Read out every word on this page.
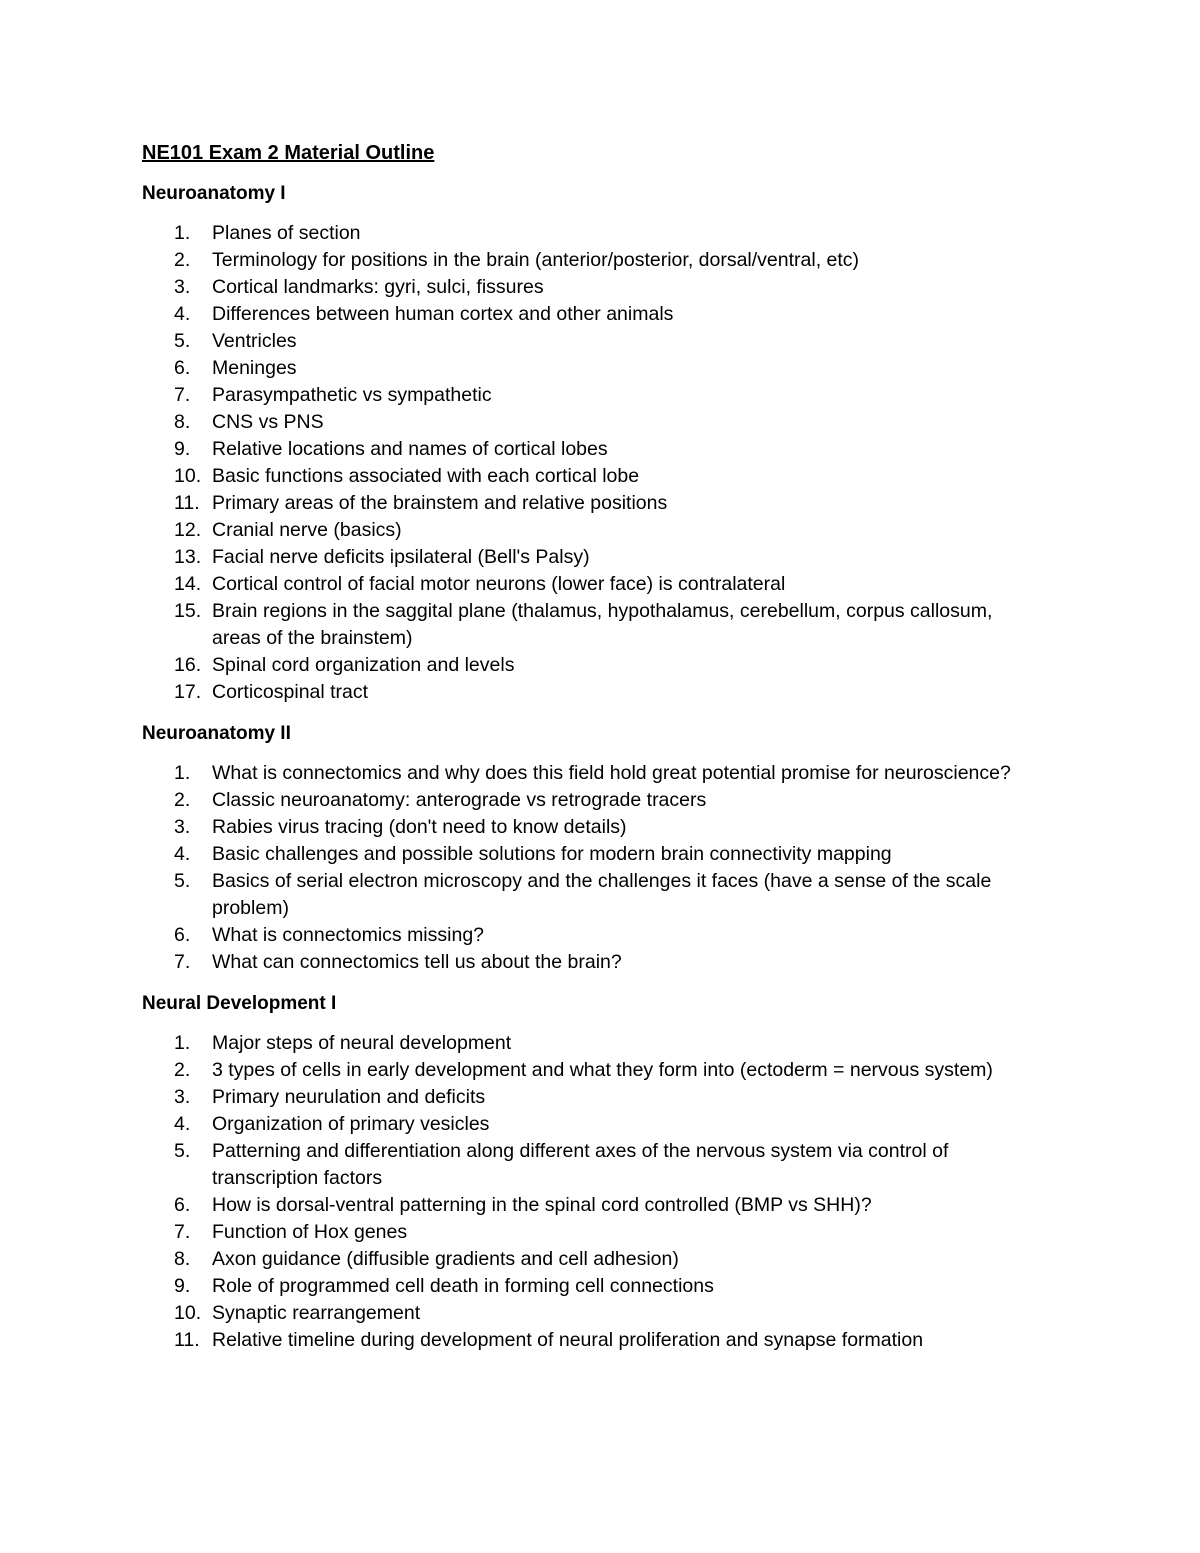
NE101 Exam 2 Material Outline
Neuroanatomy I
1. Planes of section
2. Terminology for positions in the brain (anterior/posterior, dorsal/ventral, etc)
3. Cortical landmarks: gyri, sulci, fissures
4. Differences between human cortex and other animals
5. Ventricles
6. Meninges
7. Parasympathetic vs sympathetic
8. CNS vs PNS
9. Relative locations and names of cortical lobes
10. Basic functions associated with each cortical lobe
11. Primary areas of the brainstem and relative positions
12. Cranial nerve (basics)
13. Facial nerve deficits ipsilateral (Bell's Palsy)
14. Cortical control of facial motor neurons (lower face) is contralateral
15. Brain regions in the saggital plane (thalamus, hypothalamus, cerebellum, corpus callosum, areas of the brainstem)
16. Spinal cord organization and levels
17. Corticospinal tract
Neuroanatomy II
1. What is connectomics and why does this field hold great potential promise for neuroscience?
2. Classic neuroanatomy: anterograde vs retrograde tracers
3. Rabies virus tracing (don't need to know details)
4. Basic challenges and possible solutions for modern brain connectivity mapping
5. Basics of serial electron microscopy and the challenges it faces (have a sense of the scale problem)
6. What is connectomics missing?
7. What can connectomics tell us about the brain?
Neural Development I
1. Major steps of neural development
2. 3 types of cells in early development and what they form into (ectoderm = nervous system)
3. Primary neurulation and deficits
4. Organization of primary vesicles
5. Patterning and differentiation along different axes of the nervous system via control of transcription factors
6. How is dorsal-ventral patterning in the spinal cord controlled (BMP vs SHH)?
7. Function of Hox genes
8. Axon guidance (diffusible gradients and cell adhesion)
9. Role of programmed cell death in forming cell connections
10. Synaptic rearrangement
11. Relative timeline during development of neural proliferation and synapse formation
